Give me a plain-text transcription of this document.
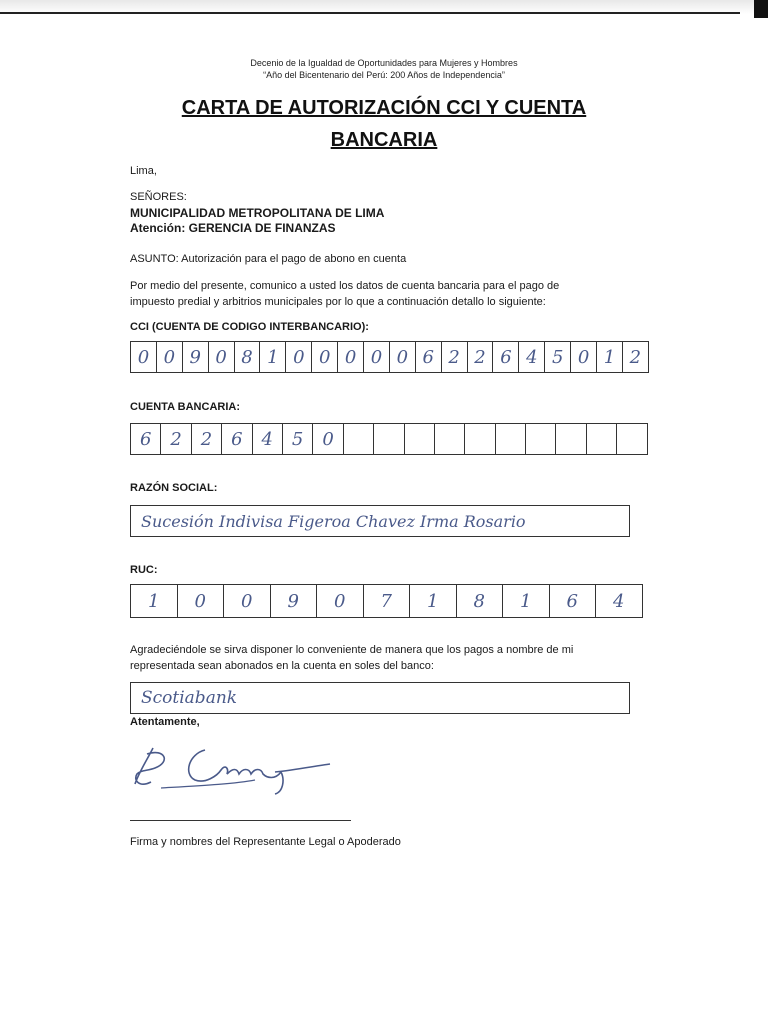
Decenio de la Igualdad de Oportunidades para Mujeres y Hombres
“Año del Bicentenario del Perú: 200 Años de Independencia”
CARTA DE AUTORIZACIÓN CCI Y CUENTA
BANCARIA
Lima,
SEÑORES:
MUNICIPALIDAD METROPOLITANA DE LIMA
Atención: GERENCIA DE FINANZAS
ASUNTO: Autorización para el pago de abono en cuenta
Por medio del presente, comunico a usted los datos de cuenta bancaria para el pago de
impuesto predial y arbitrios municipales por lo que a continuación detallo lo siguiente:
CCI (CUENTA DE CODIGO INTERBANCARIO):
0 0 9 0 8 1 0 0 0 0 0 6 2 2 6 4 5 0 1 2
CUENTA BANCARIA:
6	2	2	6	4	5	0
RAZÓN SOCIAL:
Sucesión Indivisa Figeroa Chavez Irma Rosario
RUC:
1	0	0	9	0	7	1	8	1	6	4
Agradeciéndole se sirva disponer lo conveniente de manera que los pagos a nombre de mi
representada sean abonados en la cuenta en soles del banco:
Scotiabank
Atentamente,
Firma y nombres del Representante Legal o Apoderado
